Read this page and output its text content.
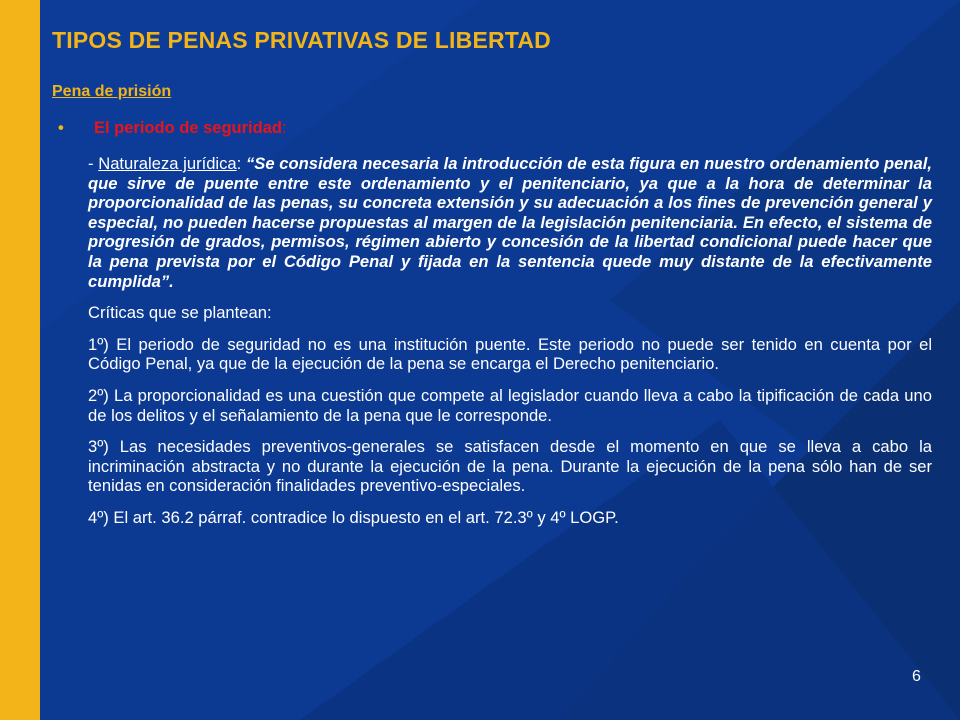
TIPOS DE PENAS PRIVATIVAS DE LIBERTAD
Pena de prisión
• El periodo de seguridad:

- Naturaleza jurídica: “Se considera necesaria la introducción de esta figura en nuestro ordenamiento penal, que sirve de puente entre este ordenamiento y el penitenciario, ya que a la hora de determinar la proporcionalidad de las penas, su concreta extensión y su adecuación a los fines de prevención general y especial, no pueden hacerse propuestas al margen de la legislación penitenciaria. En efecto, el sistema de progresión de grados, permisos, régimen abierto y concesión de la libertad condicional puede hacer que la pena prevista por el Código Penal y fijada en la sentencia quede muy distante de la efectivamente cumplida”.

Críticas que se plantean:

1º) El periodo de seguridad no es una institución puente. Este periodo no puede ser tenido en cuenta por el Código Penal, ya que de la ejecución de la pena se encarga el Derecho penitenciario.

2º) La proporcionalidad es una cuestión que compete al legislador cuando lleva a cabo la tipificación de cada uno de los delitos y el señalamiento de la pena que le corresponde.

3º) Las necesidades preventivos-generales se satisfacen desde el momento en que se lleva a cabo la incriminación abstracta y no durante la ejecución de la pena. Durante la ejecución de la pena sólo han de ser tenidas en consideración finalidades preventivo-especiales.

4º) El art. 36.2 párraf. contradice lo dispuesto en el art. 72.3º y 4º LOGP.

6
